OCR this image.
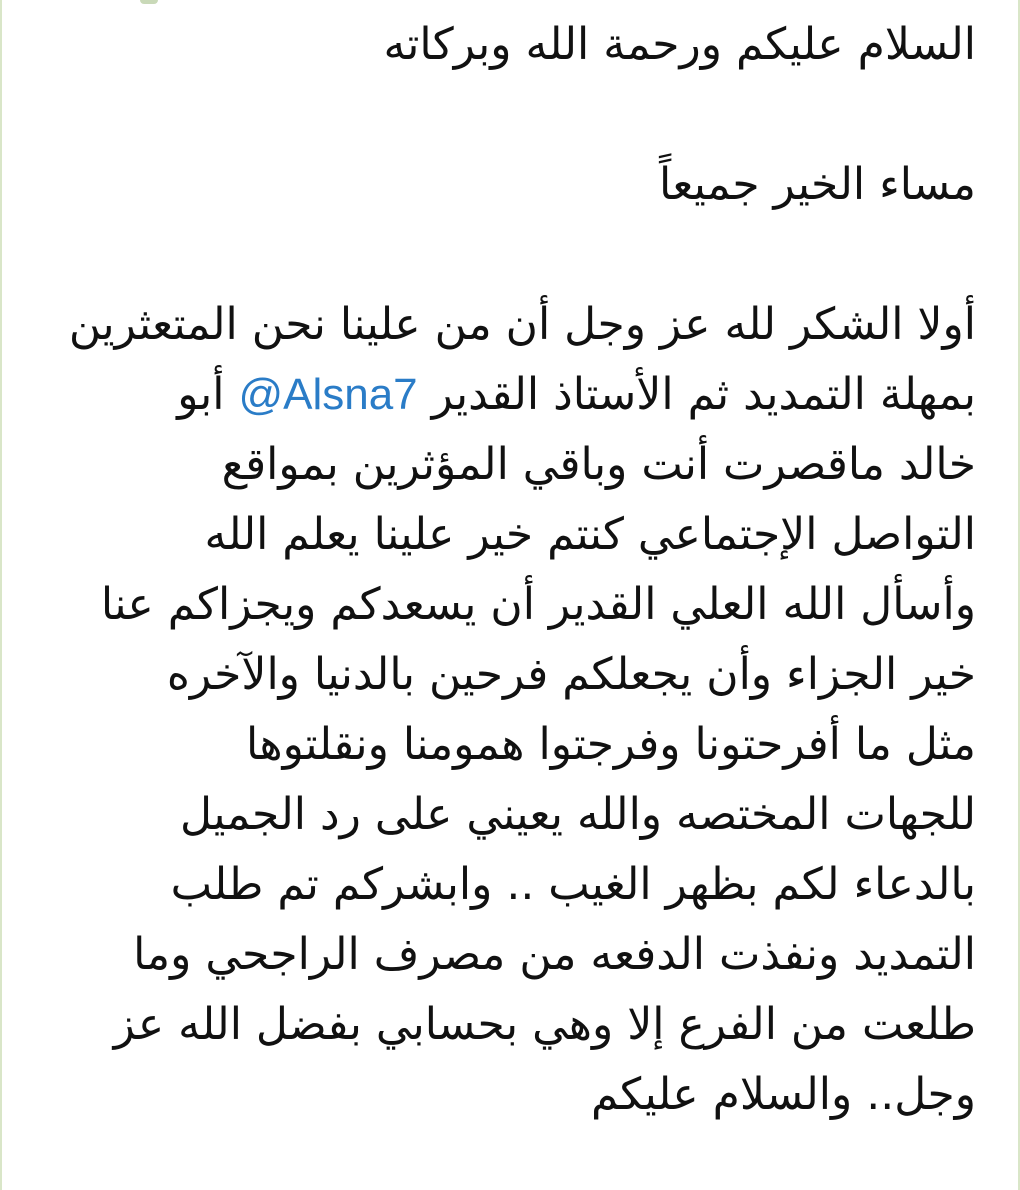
السلام عليكم ورحمة الله وبركاته
مساء الخير جميعاً
أولا الشكر لله عز وجل أن من علينا نحن المتعثرين
بمهلة التمديد ثم الأستاذ القدير @Alsna7 أبو
خالد ماقصرت أنت وباقي المؤثرين بمواقع
التواصل الإجتماعي كنتم خير علينا يعلم الله
وأسأل الله العلي القدير أن يسعدكم ويجزاكم عنا
خير الجزاء وأن يجعلكم فرحين بالدنيا والآخره
مثل ما أفرحتونا وفرجتوا همومنا ونقلتوها
للجهات المختصه والله يعيني على رد الجميل
بالدعاء لكم بظهر الغيب .. وابشركم تم طلب
التمديد ونفذت الدفعه من مصرف الراجحي وما
طلعت من الفرع إلا وهي بحسابي بفضل الله عز
وجل.. والسلام عليكم
